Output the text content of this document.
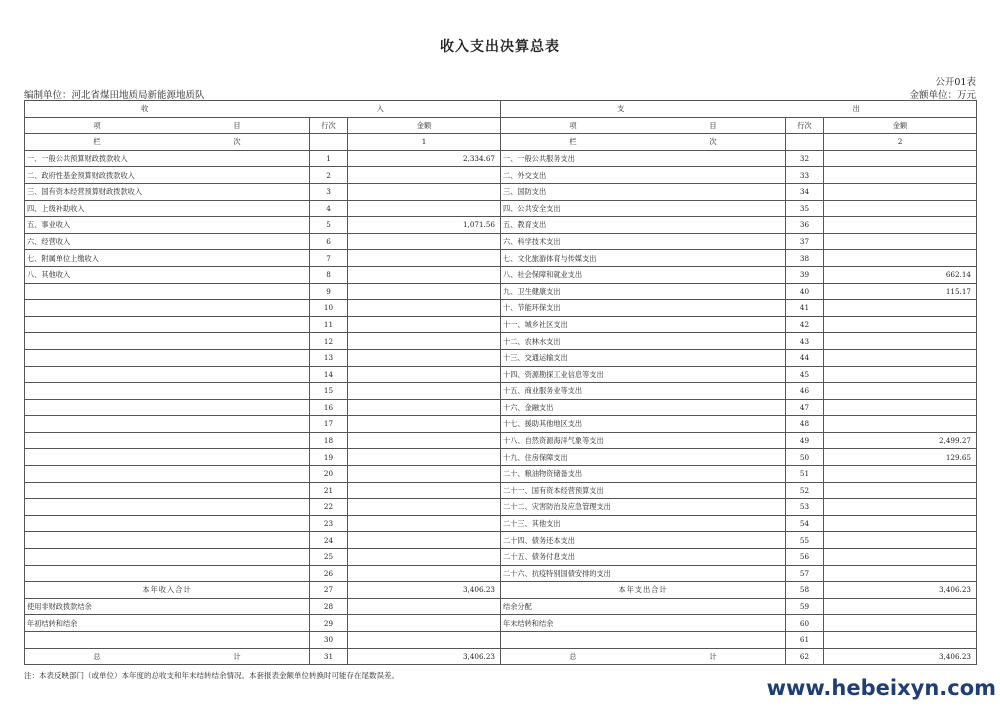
收入支出决算总表
公开01表
编制单位：河北省煤田地质局新能源地质队	金额单位：万元
收 入			支 出		

项 目	行次	金额	项 目	行次	金额

栏 次		1	栏 次		2
一、一般公共预算财政拨款收入	1	2,334.67	一、一般公共服务支出	32	
二、政府性基金预算财政拨款收入	2		二、外交支出	33	
三、国有资本经营预算财政拨款收入	3		三、国防支出	34	
四、上级补助收入	4		四、公共安全支出	35	
五、事业收入	5	1,071.56	五、教育支出	36	
六、经营收入	6		六、科学技术支出	37	
七、附属单位上缴收入	7		七、文化旅游体育与传媒支出	38	
八、其他收入	8		八、社会保障和就业支出	39	662.14
	9		九、卫生健康支出	40	115.17
	10		十、节能环保支出	41	
	11		十一、城乡社区支出	42	
	12		十二、农林水支出	43	
	13		十三、交通运输支出	44	
	14		十四、资源勘探工业信息等支出	45	
	15		十五、商业服务业等支出	46	
	16		十六、金融支出	47	
	17		十七、援助其他地区支出	48	
	18		十八、自然资源海洋气象等支出	49	2,499.27
	19		十九、住房保障支出	50	129.65
	20		二十、粮油物资储备支出	51	
	21		二十一、国有资本经营预算支出	52	
	22		二十二、灾害防治及应急管理支出	53	
	23		二十三、其他支出	54	
	24		二十四、债务还本支出	55	
	25		二十五、债务付息支出	56	
	26		二十六、抗疫特别国债安排的支出	57	
本年收入合计	27	3,406.23	本年支出合计	58	3,406.23
使用非财政拨款结余	28		结余分配	59	
年初结转和结余	29		年末结转和结余	60	
	30			61	

总 计	31	3,406.23	总 计	62	3,406.23
注：本表反映部门（或单位）本年度的总收支和年末结转结余情况。本套报表金额单位转换时可能存在尾数误差。
www.hebeixyn.com
